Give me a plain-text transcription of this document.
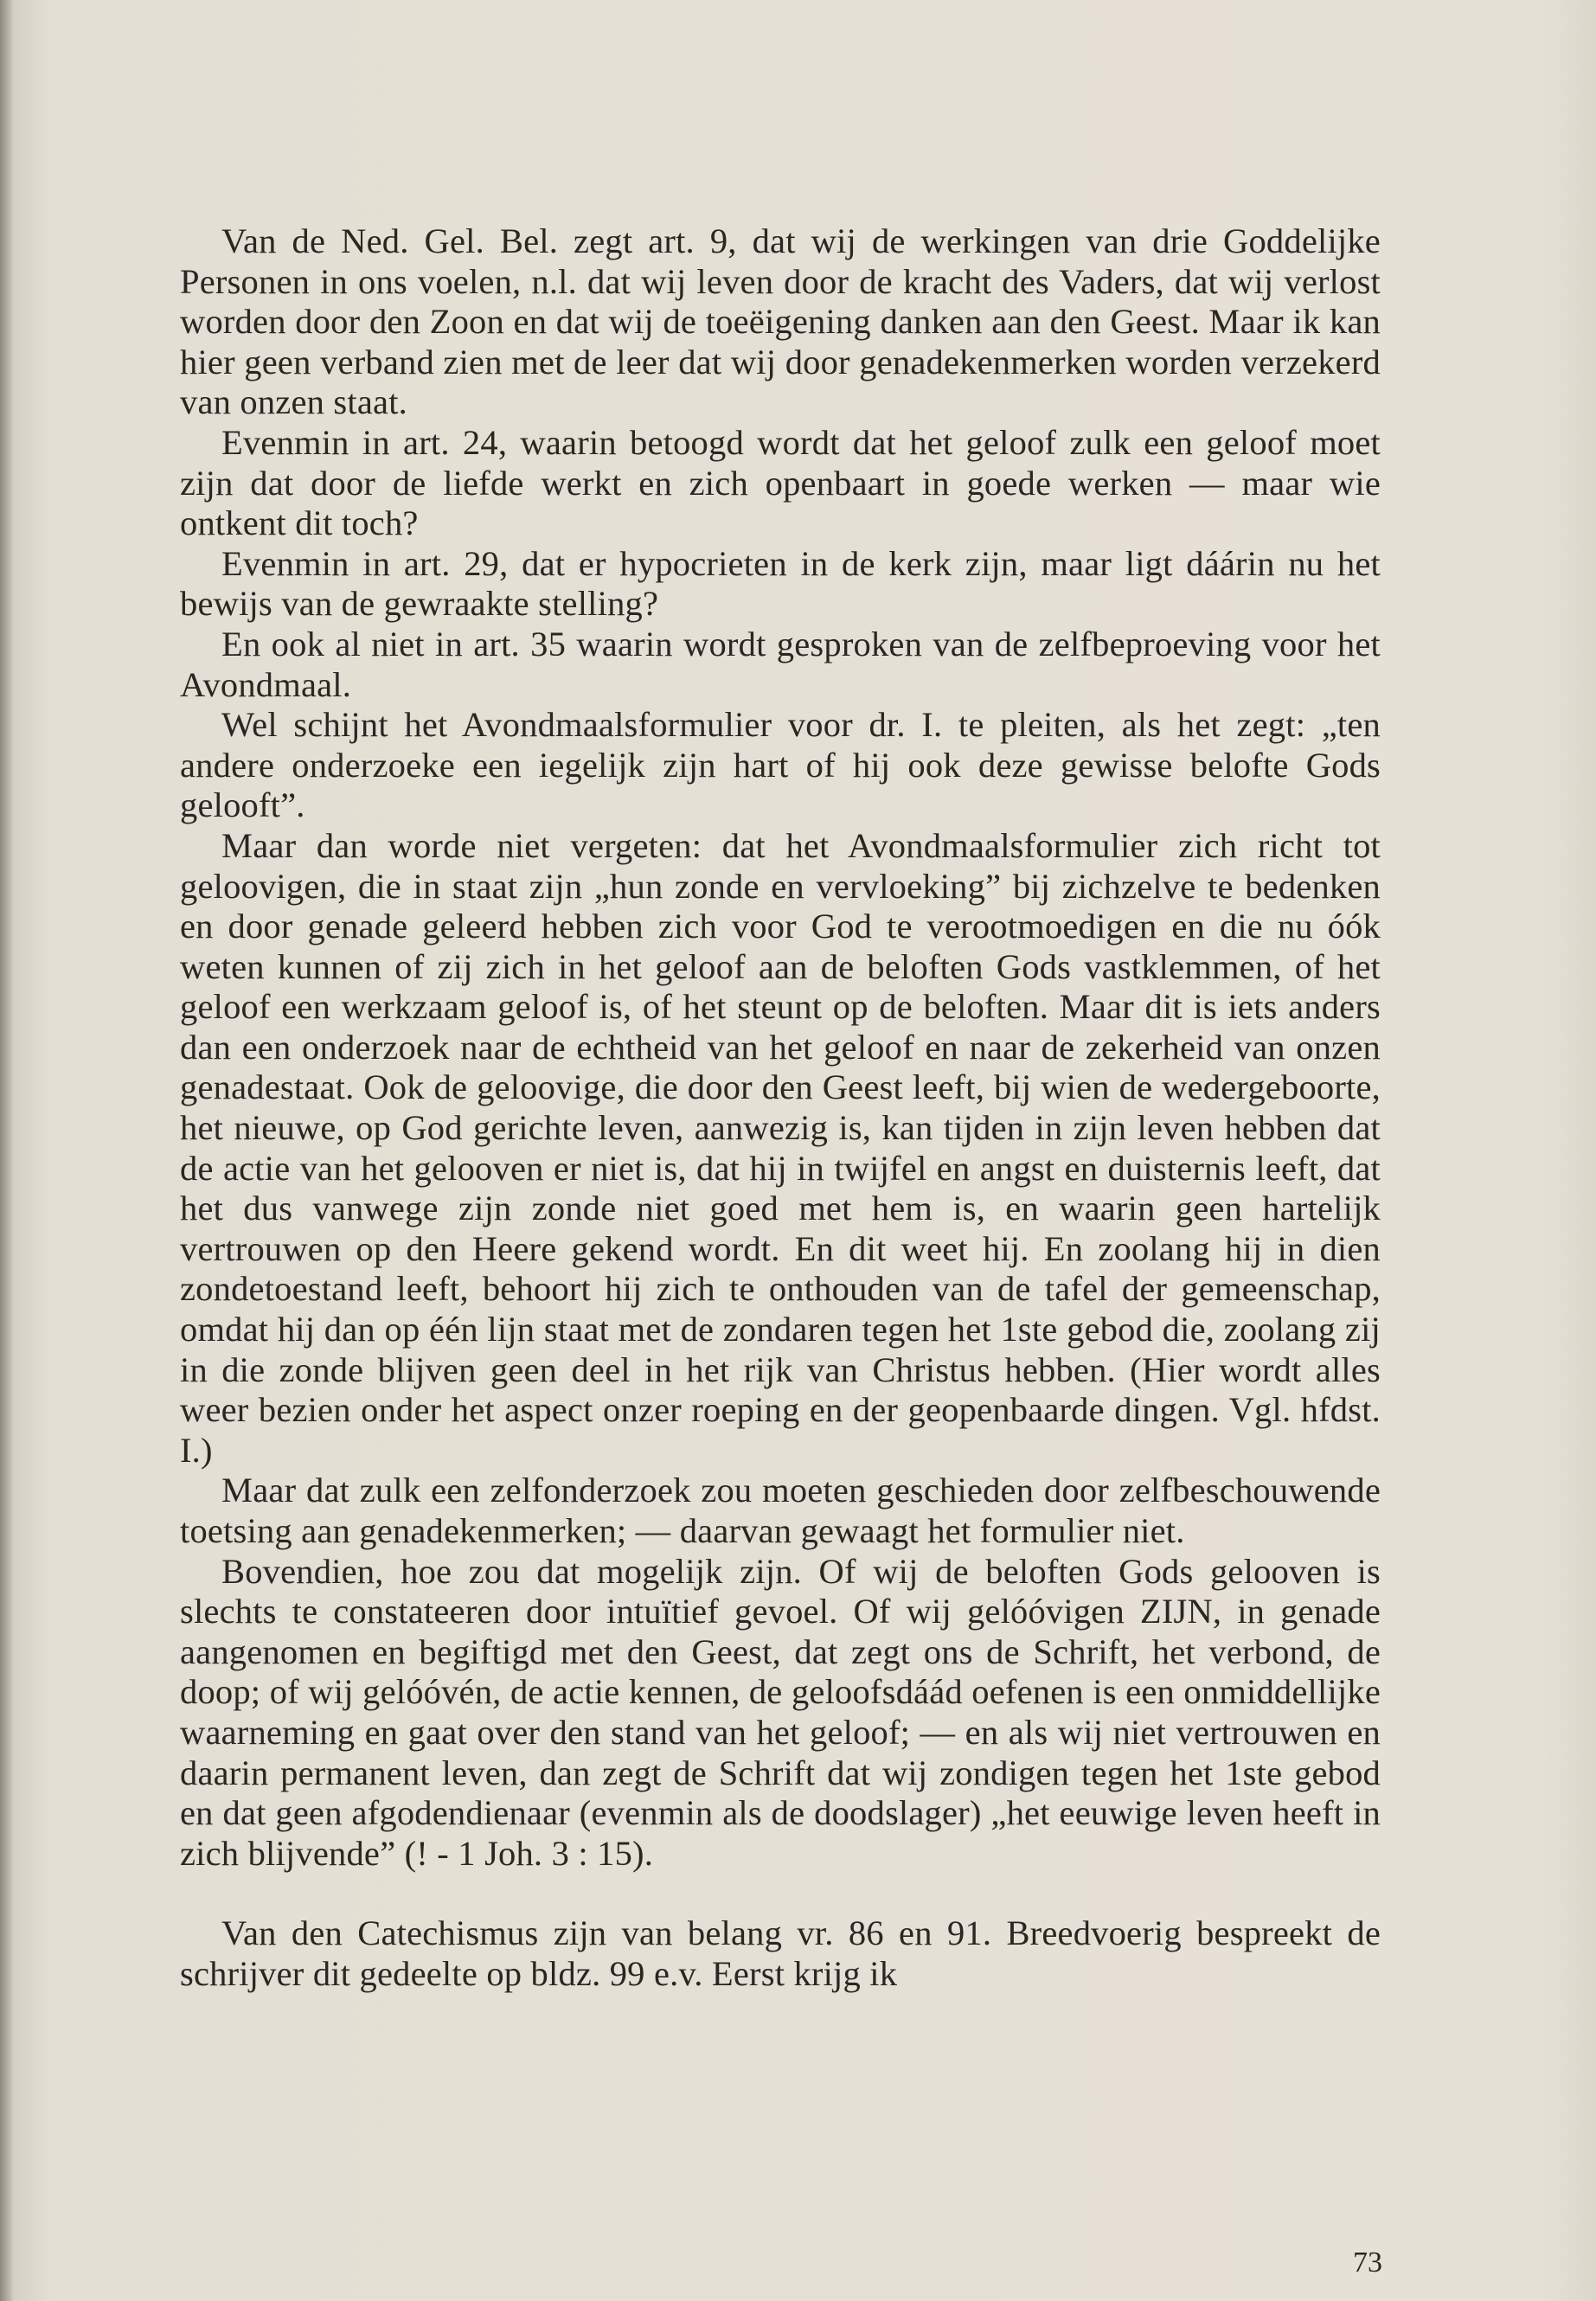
Van de Ned. Gel. Bel. zegt art. 9, dat wij de werkingen van drie Goddelijke Personen in ons voelen, n.l. dat wij leven door de kracht des Vaders, dat wij verlost worden door den Zoon en dat wij de toeëigening danken aan den Geest. Maar ik kan hier geen verband zien met de leer dat wij door genadekenmerken worden verzekerd van onzen staat.

Evenmin in art. 24, waarin betoogd wordt dat het geloof zulk een geloof moet zijn dat door de liefde werkt en zich openbaart in goede werken — maar wie ontkent dit toch?

Evenmin in art. 29, dat er hypocrieten in de kerk zijn, maar ligt dáárin nu het bewijs van de gewraakte stelling?

En ook al niet in art. 35 waarin wordt gesproken van de zelfbeproeving voor het Avondmaal.

Wel schijnt het Avondmaalsformulier voor dr. I. te pleiten, als het zegt: „ten andere onderzoeke een iegelijk zijn hart of hij ook deze gewisse belofte Gods gelooft”.

Maar dan worde niet vergeten: dat het Avondmaalsformulier zich richt tot geloovigen, die in staat zijn „hun zonde en vervloeking” bij zichzelve te bedenken en door genade geleerd hebben zich voor God te verootmoedigen en die nu óók weten kunnen of zij zich in het geloof aan de beloften Gods vastklemmen, of het geloof een werkzaam geloof is, of het steunt op de beloften. Maar dit is iets anders dan een onderzoek naar de echtheid van het geloof en naar de zekerheid van onzen genadestaat. Ook de geloovige, die door den Geest leeft, bij wien de wedergeboorte, het nieuwe, op God gerichte leven, aanwezig is, kan tijden in zijn leven hebben dat de actie van het gelooven er niet is, dat hij in twijfel en angst en duisternis leeft, dat het dus vanwege zijn zonde niet goed met hem is, en waarin geen hartelijk vertrouwen op den Heere gekend wordt. En dit weet hij. En zoolang hij in dien zondetoestand leeft, behoort hij zich te onthouden van de tafel der gemeenschap, omdat hij dan op één lijn staat met de zondaren tegen het 1ste gebod die, zoolang zij in die zonde blijven geen deel in het rijk van Christus hebben. (Hier wordt alles weer bezien onder het aspect onzer roeping en der geopenbaarde dingen. Vgl. hfdst. I.)

Maar dat zulk een zelfonderzoek zou moeten geschieden door zelfbeschouwende toetsing aan genadekenmerken; — daarvan gewaagt het formulier niet.

Bovendien, hoe zou dat mogelijk zijn. Of wij de beloften Gods gelooven is slechts te constateeren door intuïtief gevoel. Of wij gelóóvigen ZIJN, in genade aangenomen en begiftigd met den Geest, dat zegt ons de Schrift, het verbond, de doop; of wij gelóóvén, de actie kennen, de geloofsdáád oefenen is een onmiddellijke waarneming en gaat over den stand van het geloof; — en als wij niet vertrouwen en daarin permanent leven, dan zegt de Schrift dat wij zondigen tegen het 1ste gebod en dat geen afgodendienaar (evenmin als de doodslager) „het eeuwige leven heeft in zich blijvende” (! - 1 Joh. 3 : 15).

Van den Catechismus zijn van belang vr. 86 en 91. Breedvoerig bespreekt de schrijver dit gedeelte op bldz. 99 e.v. Eerst krijg ik

73
